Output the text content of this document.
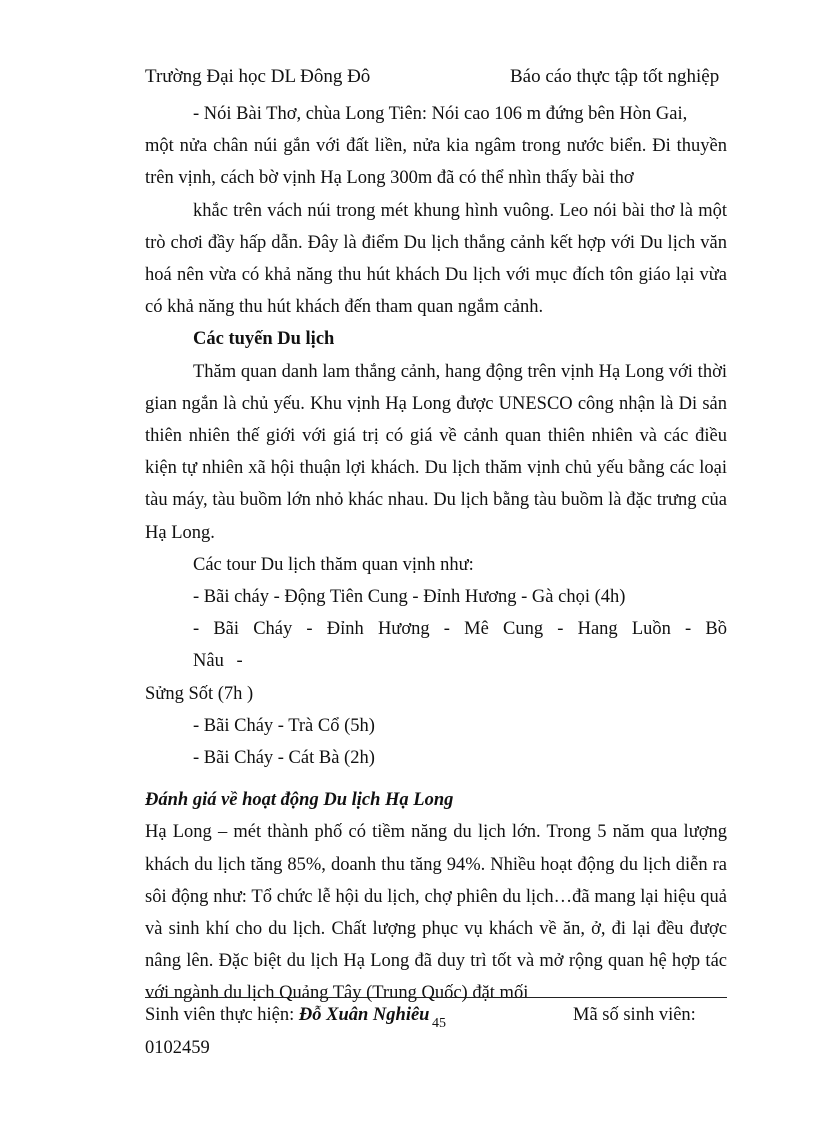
Trường Đại học DL Đông Đô	Báo cáo thực tập tốt nghiệp

- Nói Bài Thơ, chùa Long Tiên: Nói cao 106 m đứng bên Hòn Gai,

một nửa chân núi gắn với đất liền, nửa kia ngâm trong nước biển. Đi thuyền trên vịnh, cách bờ vịnh Hạ Long 300m đã có thể nhìn thấy bài thơ

khắc trên vách núi trong mét khung hình vuông. Leo nói bài thơ là một trò chơi đầy hấp dẫn. Đây là điểm Du lịch thắng cảnh kết hợp với Du lịch văn hoá nên vừa có khả năng thu hút khách Du lịch với mục đích tôn giáo lại vừa có khả năng thu hút khách đến tham quan ngắm cảnh.

Các tuyến Du lịch

Thăm quan danh lam thắng cảnh, hang động trên vịnh Hạ Long với thời gian ngắn là chủ yếu. Khu vịnh Hạ Long được UNESCO công nhận là Di sản thiên nhiên thế giới với giá trị có giá về cảnh quan thiên nhiên và các điều kiện tự nhiên xã hội thuận lợi khách. Du lịch thăm vịnh chủ yếu bằng các loại tàu máy, tàu buồm lớn nhỏ khác nhau. Du lịch bằng tàu buồm là đặc trưng của Hạ Long.

Các tour Du lịch thăm quan vịnh như:

- Bãi cháy - Động Tiên Cung - Đỉnh Hương - Gà chọi (4h)

- Bãi Cháy - Đỉnh Hương - Mê Cung - Hang Luồn - Bồ Nâu -

Sửng Sốt (7h )

- Bãi Cháy - Trà Cổ (5h)

- Bãi Cháy - Cát Bà (2h)

Đánh giá về hoạt động Du lịch Hạ Long

Hạ Long – mét thành phố có tiềm năng du lịch lớn. Trong 5 năm qua lượng khách du lịch tăng 85%, doanh thu tăng 94%. Nhiều hoạt động du lịch diễn ra sôi động như: Tổ chức lễ hội du lịch, chợ phiên du lịch…đã mang lại hiệu quả và sinh khí cho du lịch. Chất lượng phục vụ khách về ăn, ở, đi lại đều được nâng lên. Đặc biệt du lịch Hạ Long đã duy trì tốt và mở rộng quan hệ hợp tác với ngành du lịch Quảng Tây (Trung Quốc) đặt mối

Sinh viên thực hiện: Đỗ Xuân Nghiêu 45	Mã số sinh viên:
0102459
